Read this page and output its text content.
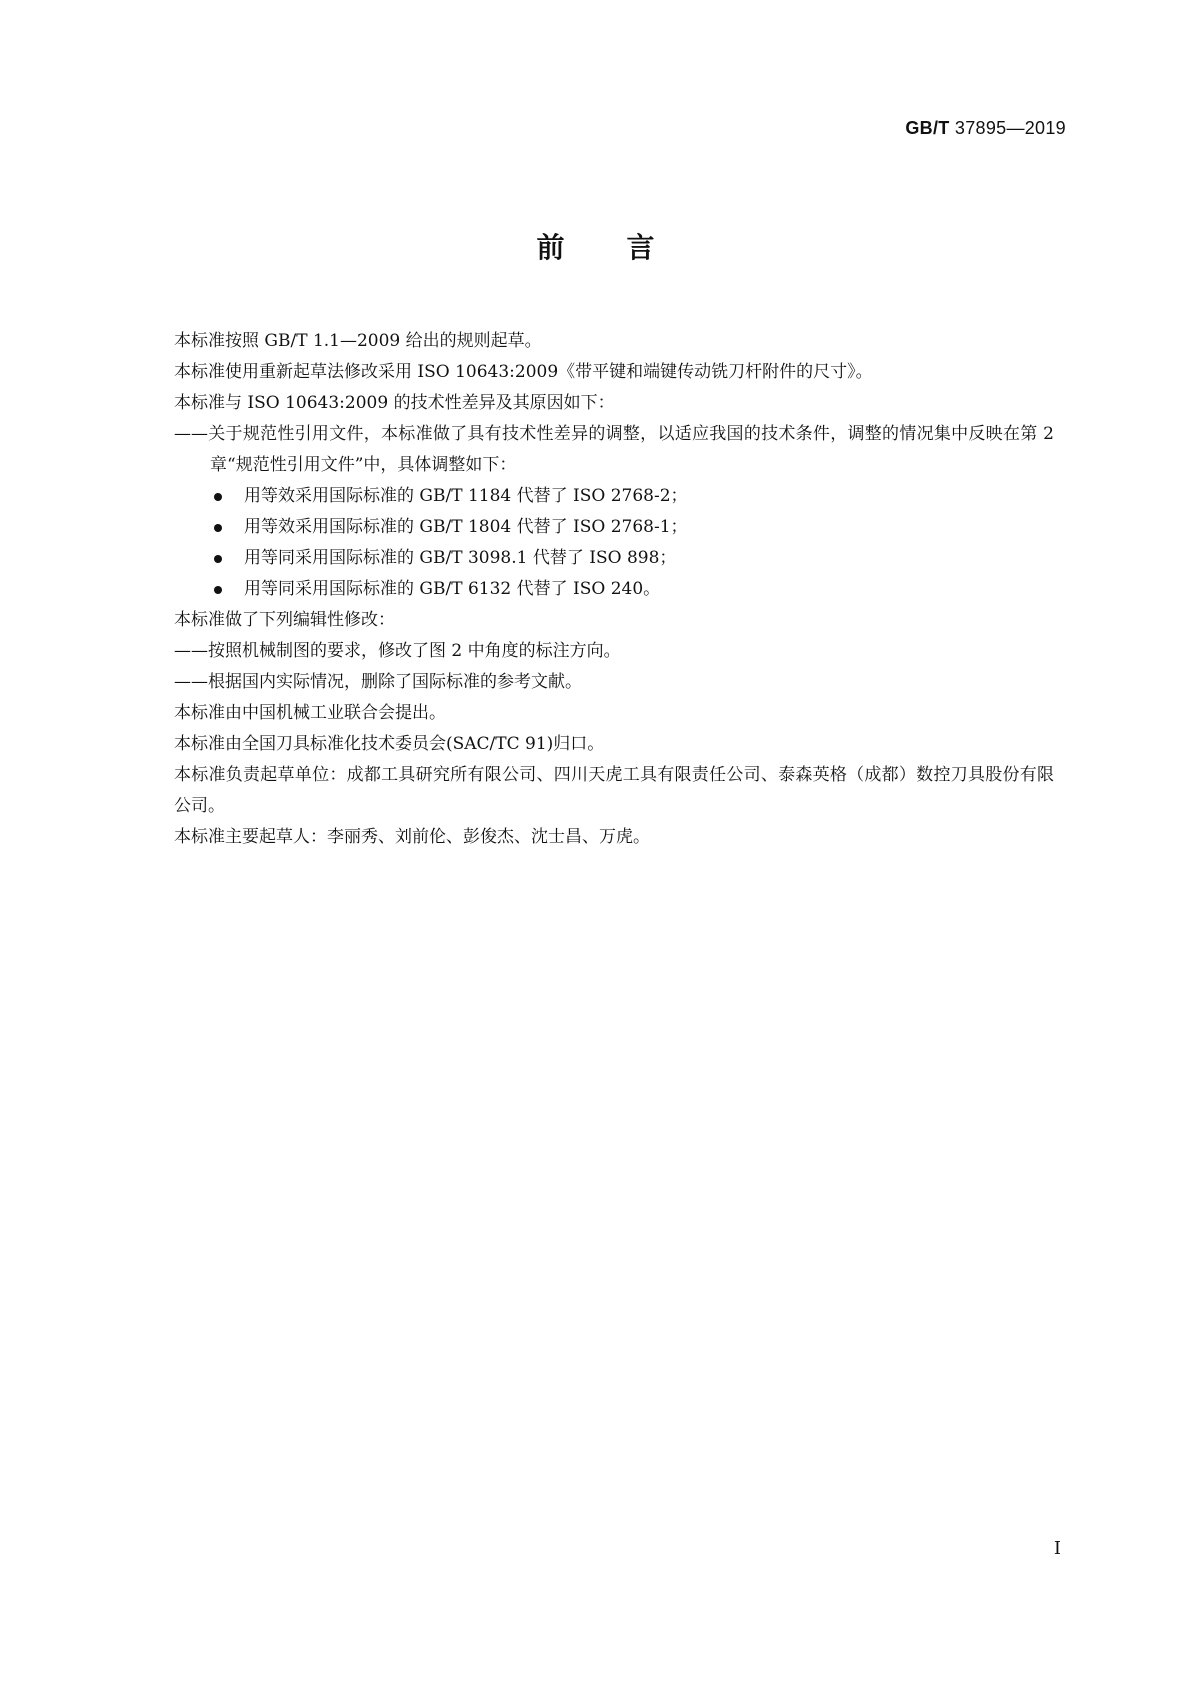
GB/T 37895—2019
前言

本标准按照 GB/T 1.1—2009 给出的规则起草。

本标准使用重新起草法修改采用 ISO 10643:2009《带平键和端键传动铣刀杆附件的尺寸》。

本标准与 ISO 10643:2009 的技术性差异及其原因如下：

——关于规范性引用文件，本标准做了具有技术性差异的调整，以适应我国的技术条件，调整的情况集中反映在第 2 章“规范性引用文件”中，具体调整如下：

用等效采用国际标准的 GB/T 1184 代替了 ISO 2768-2；

用等效采用国际标准的 GB/T 1804 代替了 ISO 2768-1；

用等同采用国际标准的 GB/T 3098.1 代替了 ISO 898；

用等同采用国际标准的 GB/T 6132 代替了 ISO 240。

本标准做了下列编辑性修改：

——按照机械制图的要求，修改了图 2 中角度的标注方向。

——根据国内实际情况，删除了国际标准的参考文献。

本标准由中国机械工业联合会提出。

本标准由全国刀具标准化技术委员会(SAC/TC 91)归口。

本标准负责起草单位：成都工具研究所有限公司、四川天虎工具有限责任公司、泰森英格（成都）数控刀具股份有限公司。

本标准主要起草人：李丽秀、刘前伦、彭俊杰、沈士昌、万虎。

I
